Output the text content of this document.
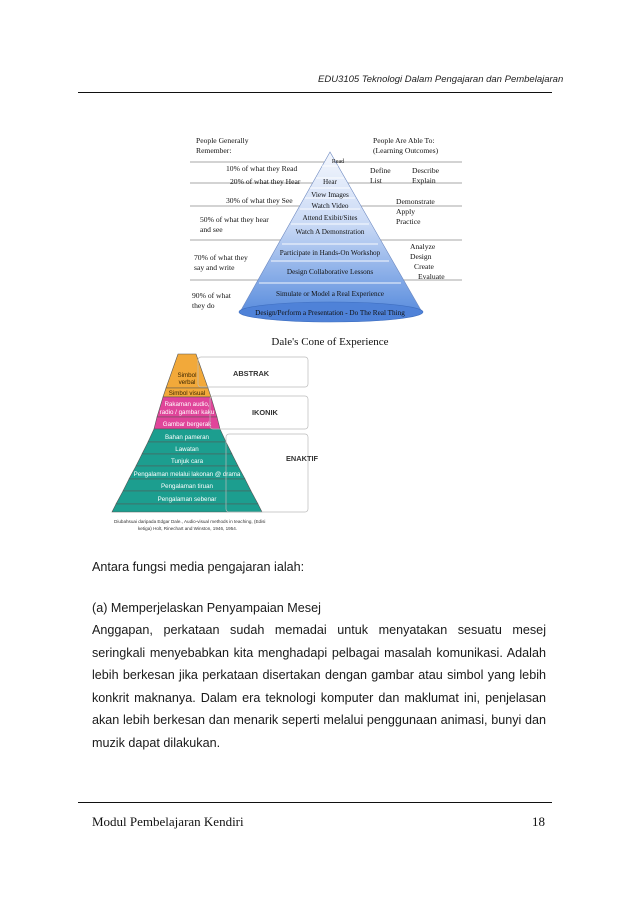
EDU3105 Teknologi Dalam Pengajaran dan Pembelajaran
People Generally
Remember:
People Are Able To:
(Learning Outcomes)
10% of what they Read
20% of what they Hear
30% of what they See
50% of what they hear
and see
70% of what they
say and write
90% of what
they do
Read
Hear
View Images
Watch Video
Attend Exibit/Sites
Watch A Demonstration
Participate in Hands-On Workshop
Design Collaborative Lessons
Simulate or Model a Real Experience
Design/Perform a Presentation - Do The Real Thing
Define
List
Describe
Explain
Demonstrate
Apply
Practice
Analyze
Design
Create
Evaluate
Dale's Cone of Experience
Simbol
verbal
Simbol visual
Rakaman audio,
radio / gambar kaku
Gambar bergerak
Bahan pameran
Lawatan
Tunjuk cara
Pengalaman melalui lakonan @ drama
Pengalaman tiruan
Pengalaman sebenar
ABSTRAK
IKONIK
ENAKTIF
Diubahsuai daripada Edgar Dale., Audio-visual methods in teaching, (Edisi
ketiga) Holt, Rinechart and Winston, 1946, 1954.
Antara fungsi media pengajaran ialah:
(a) Memperjelaskan Penyampaian Mesej
Anggapan, perkataan sudah memadai untuk menyatakan sesuatu mesej
seringkali menyebabkan kita menghadapi pelbagai masalah komunikasi. Adalah
lebih berkesan jika perkataan disertakan dengan gambar atau simbol yang lebih
konkrit maknanya. Dalam era teknologi komputer dan maklumat ini, penjelasan
akan lebih berkesan dan menarik seperti melalui penggunaan animasi, bunyi dan
muzik dapat dilakukan.
Modul Pembelajaran Kendiri	18
